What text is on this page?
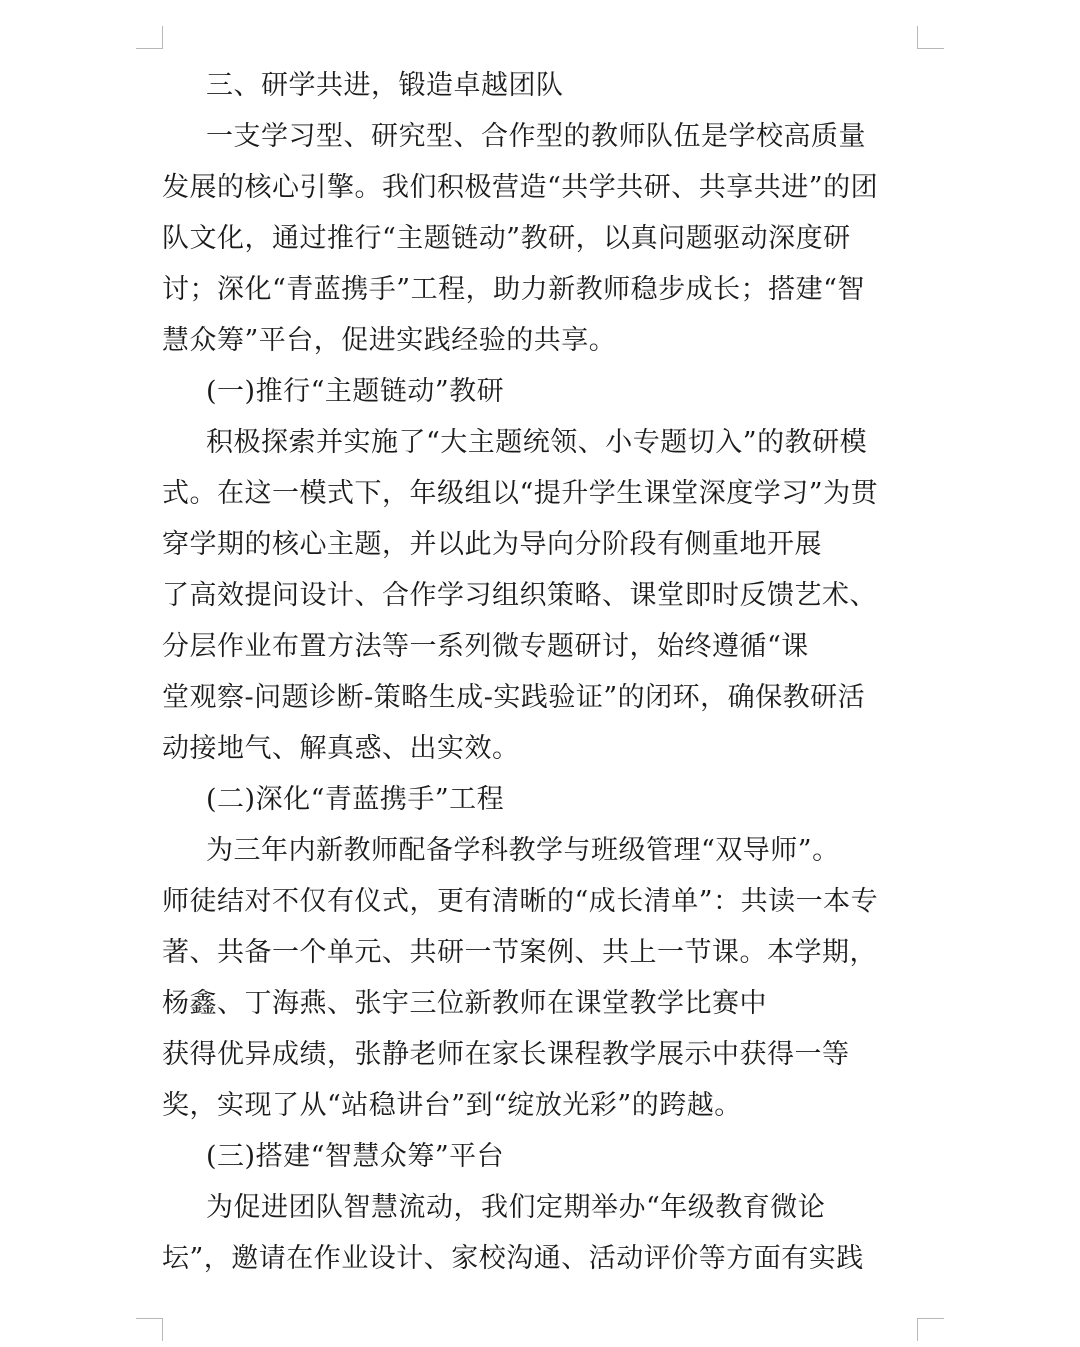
三、研学共进，锻造卓越团队
一支学习型、研究型、合作型的教师队伍是学校高质量
发展的核心引擎。我们积极营造“共学共研、共享共进”的团
队文化，通过推行“主题链动”教研，以真问题驱动深度研
讨；深化“青蓝携手”工程，助力新教师稳步成长；搭建“智
慧众筹”平台，促进实践经验的共享。
(一)推行“主题链动”教研
积极探索并实施了“大主题统领、小专题切入”的教研模
式。在这一模式下，年级组以“提升学生课堂深度学习”为贯
穿学期的核心主题，并以此为导向分阶段有侧重地开展
了高效提问设计、合作学习组织策略、课堂即时反馈艺术、
分层作业布置方法等一系列微专题研讨，始终遵循“课
堂观察-问题诊断-策略生成-实践验证”的闭环，确保教研活
动接地气、解真惑、出实效。
(二)深化“青蓝携手”工程
为三年内新教师配备学科教学与班级管理“双导师”。
师徒结对不仅有仪式，更有清晰的“成长清单”：共读一本专
著、共备一个单元、共研一节案例、共上一节课。本学期，
杨鑫、丁海燕、张宇三位新教师在课堂教学比赛中
获得优异成绩，张静老师在家长课程教学展示中获得一等
奖，实现了从“站稳讲台”到“绽放光彩”的跨越。
(三)搭建“智慧众筹”平台
为促进团队智慧流动，我们定期举办“年级教育微论
坛”，邀请在作业设计、家校沟通、活动评价等方面有实践
